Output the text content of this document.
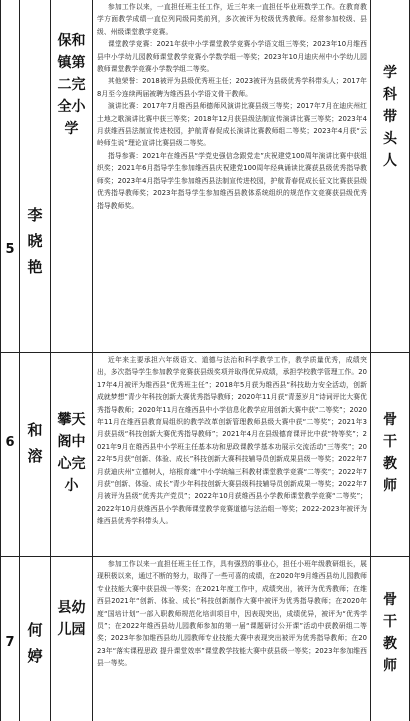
5
李
晓
艳
保和
镇第
二完
全小
学

参加工作以来，一直担任班主任工作，近三年来一直担任毕业班数学工作。在教育教学方面教学成绩一直位列同级同类前列，多次被评为校级优秀教师。经常参加校级、县级、州级课堂教学竞赛。

课堂教学竞赛：2021年获中小学课堂教学竞赛小学语文组三等奖；2023年10月维西县中小学幼儿园教师课堂教学竞赛小学数学组一等奖；2023年10月迪庆州中小学幼儿园教师课堂教学竞赛小学数学组二等奖。

其他荣誉：2018被评为县级优秀班主任；2023被评为县级优秀学科带头人；2017年8月至今连续两届被聘为维西县小学语文骨干教师。

演讲比赛：2017年7月维西县师德师风演讲比赛县级三等奖；2017年7月在迪庆州红土地之歌演讲比赛中获三等奖；2018年12月获县级法制宣传演讲比赛三等奖；2023年4月获维西县法制宣传进校园，护航青春促成长演讲比赛教师组二等奖；2023年4月获“云岭师生说”理论宣讲比赛县级二等奖。

指导参赛：2021年在维西县“学党史强信念跟党走”庆祝建党100周年演讲比赛中获组织奖；2021年6月指导学生参加维西县庆祝建党100周年经典诵读比赛获县级优秀指导教师奖；2023年4月指导学生参加维西县法制宣传进校园，护航青春促成长征文比赛获县级优秀指导教师奖；2023年指导学生参加维西县教体系统组织的规范作文竞赛获县级优秀指导教师奖。

学
科
带
头
人
6
和
溶
攀天
阁中
心完
小

近年来主要承担六年级语文、道德与法治和科学教学工作，教学质量优秀，成绩突出，多次指导学生参加教学竞赛获县级奖项并取得优异成绩，承担学校教学管理工作。2017年4月被评为维西县“优秀班主任”；2018年5月获为维西县“科技助力安全活动，创新成就梦想”青少年科技创新大赛优秀指导教师；2020年11月获“青葱岁月”诗词评比大赛优秀指导教师；2020年11月在维西县中小学信息化教学应用创新大赛中获“二等奖”；2020年11月在维西县教育局组织的教学改革创新管理教师县级大赛中获“二等奖”；2021年3月获县级“科技创新大赛优秀指导教师”；2021年4月在县级德育课评比中获“特等奖”；2021年9月在维西县中小学班主任基本功和思政课教学基本功展示交流活动“三等奖”；2022年5月获“创新、体验、成长”科技创新大赛科技辅导员创新成果县级一等奖；2022年7月获迪庆州“立德树人，培根育魂”中小学统编三科教材课堂教学竞赛“二等奖”；2022年7月获“创新、体验、成长”青少年科技创新大赛县级科技辅导员创新成果一等奖；2022年7月被评为县级“优秀共产党员”；2022年10月获维西县小学教师课堂教学竞赛“二等奖”；2022年10月获维西县小学教师课堂教学竞赛道德与法治组一等奖；2022-2023年被评为维西县优秀学科带头人。

骨
干
教
师
7
何
婷
县幼
儿园

参加工作以来一直担任班主任工作，具有强烈的事业心，担任小班年级教研组长，展现积极以来，通过不断的努力，取得了一些可喜的成绩，在2020年9月维西县幼儿园教师专业技能大赛中获县级一等奖；在2021年度工作中，成绩突出，被评为优秀教师；在维西县2021年“创新、体验、成长”科技创新制作大赛中被评为优秀指导教师；在2020年度“国培计划”一部入职教师规范化培训项目中，因表现突出，成绩优异，被评为“优秀学员”；在2022年维西县幼儿园教师参加的第一届“课题研讨公开课”活动中获教研组二等奖；2023年参加维西县幼儿园教师专业技能大赛中表现突出被评为优秀指导教师；在2023年“落实课程思政 提升课堂效率”课堂教学技能大赛中获县级一等奖；2023年参加维西县一等奖。

骨
干
教
师
